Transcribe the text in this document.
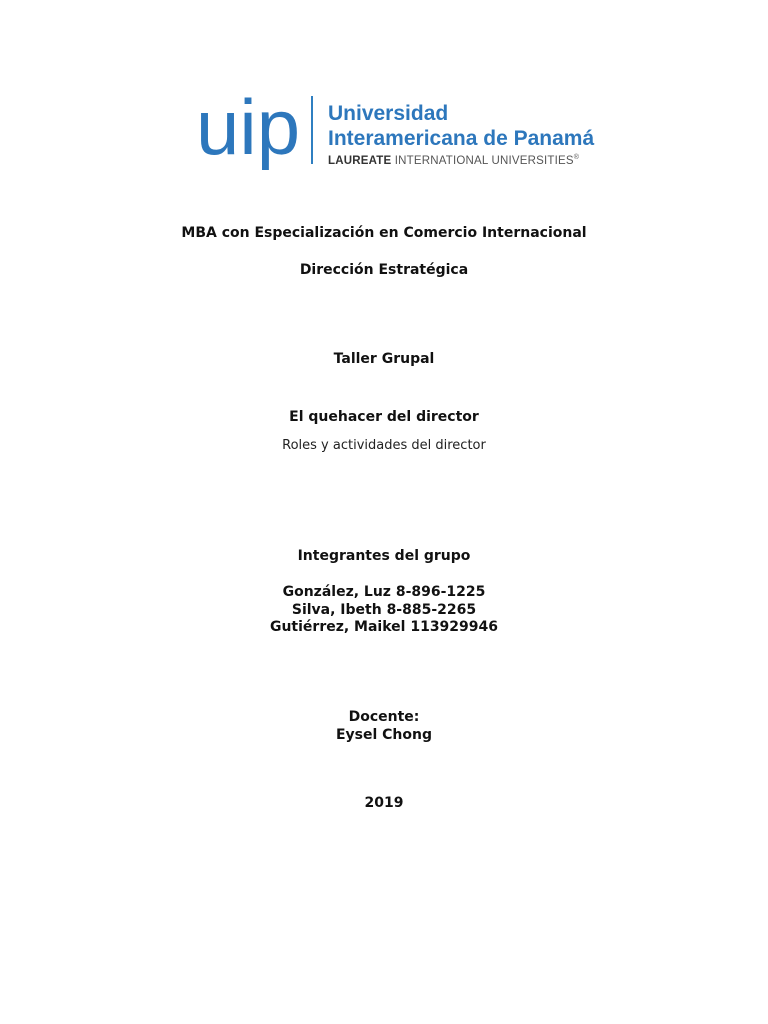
uip Universidad
Interamericana de Panamá
LAUREATE INTERNATIONAL UNIVERSITIES®
MBA con Especialización en Comercio Internacional
Dirección Estratégica
Taller Grupal
El quehacer del director
Roles y actividades del director
Integrantes del grupo
González, Luz 8-896-1225
Silva, Ibeth 8-885-2265
Gutiérrez, Maikel 113929946
Docente:
Eysel Chong
2019
